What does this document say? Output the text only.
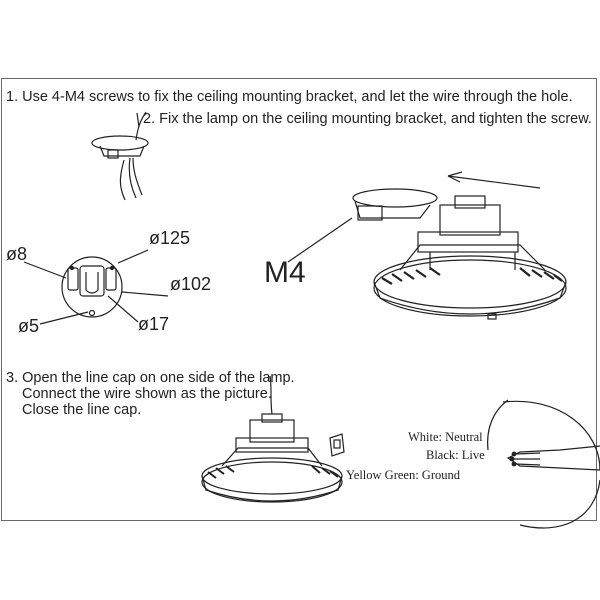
1. Use 4-M4 screws to fix the ceiling mounting bracket, and let the wire through the hole.
2. Fix the lamp on the ceiling mounting bracket, and tighten the screw.
3. Open the line cap on one side of the lamp.
Connect the wire shown as the picture.
Close the line cap.
White: Neutral
Black: Live
Yellow Green: Ground
ø125
ø8
ø102
ø5	ø17
M4
